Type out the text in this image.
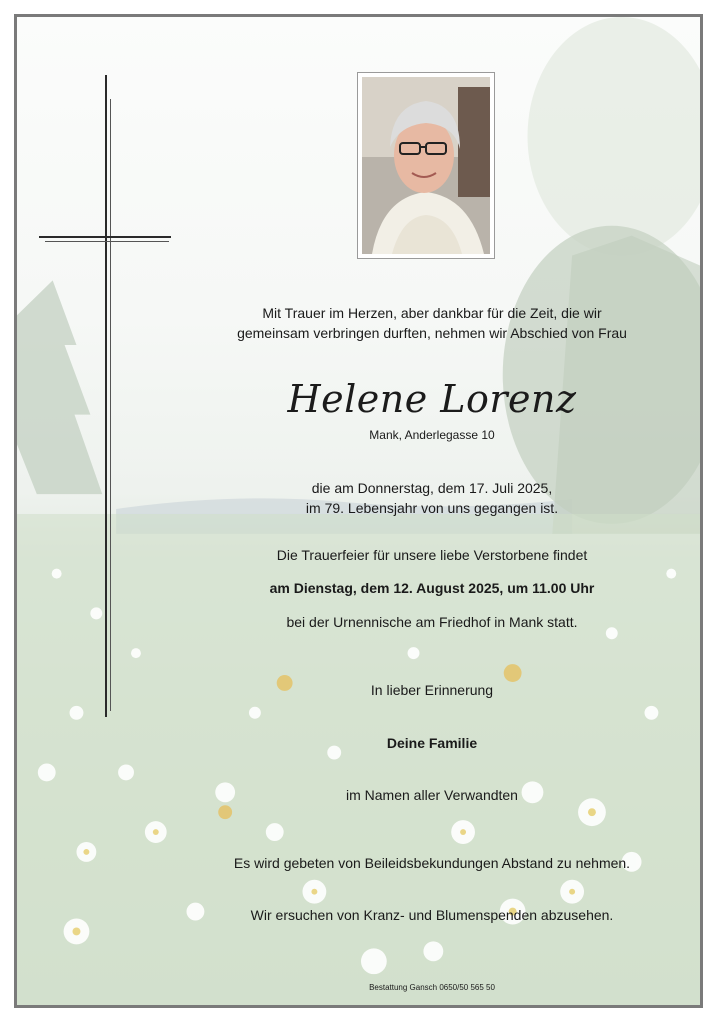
Mit Trauer im Herzen, aber dankbar für die Zeit, die wir
gemeinsam verbringen durften, nehmen wir Abschied von Frau
Helene Lorenz
Mank, Anderlegasse 10
die am Donnerstag, dem 17. Juli 2025,
im 79. Lebensjahr von uns gegangen ist.
Die Trauerfeier für unsere liebe Verstorbene findet
am Dienstag, dem 12. August 2025, um 11.00 Uhr
bei der Urnennische am Friedhof in Mank statt.
In lieber Erinnerung
Deine Familie
im Namen aller Verwandten
Es wird gebeten von Beileidsbekundungen Abstand zu nehmen.
Wir ersuchen von Kranz- und Blumenspenden abzusehen.
Bestattung Gansch 0650/50 565 50
